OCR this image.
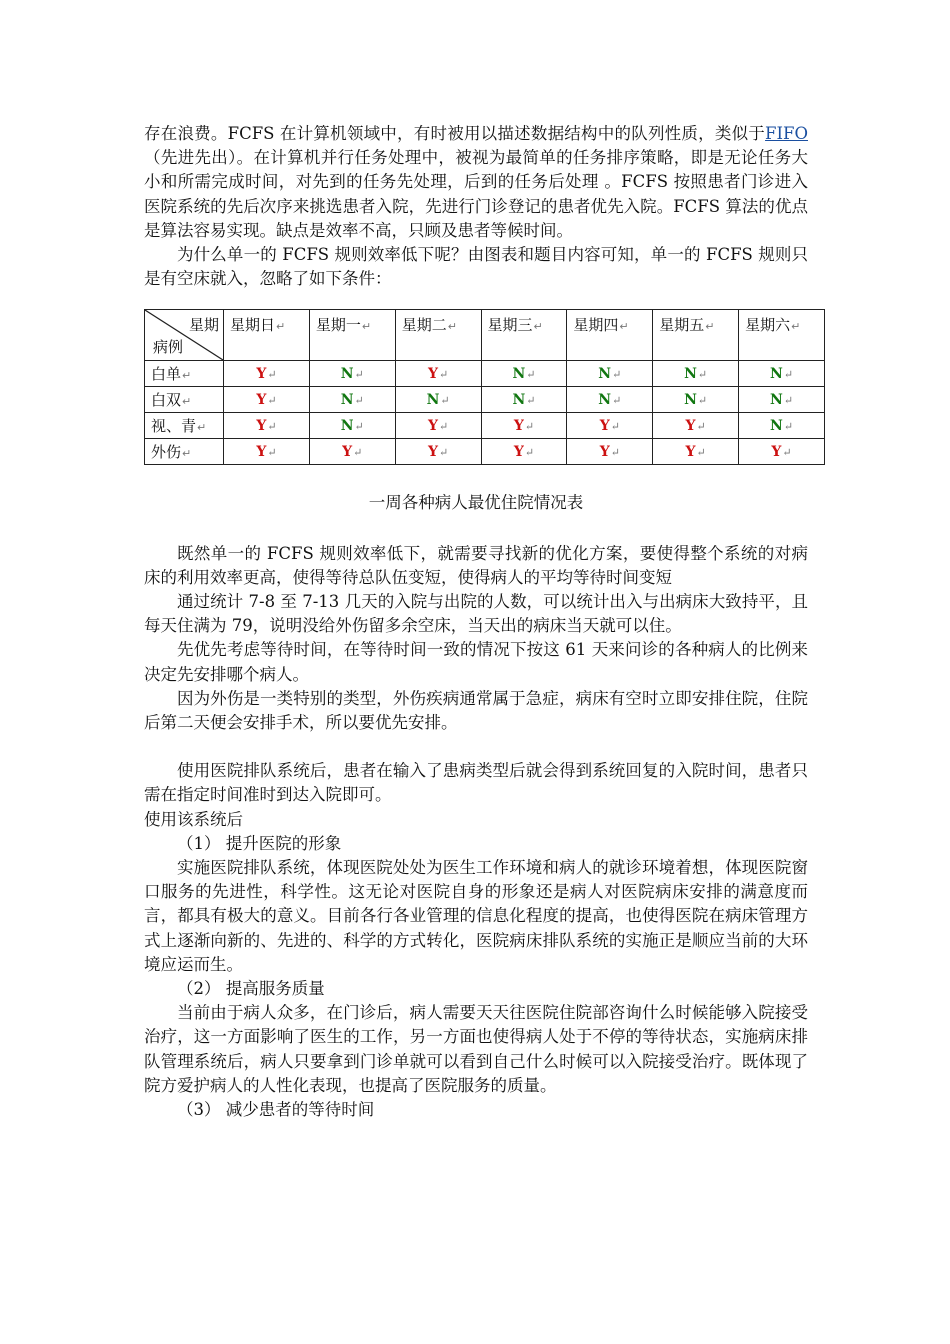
存在浪费。FCFS 在计算机领域中，有时被用以描述数据结构中的队列性质，类似于FIFO（先进先出）。在计算机并行任务处理中，被视为最简单的任务排序策略，即是无论任务大小和所需完成时间，对先到的任务先处理，后到的任务后处理 。FCFS 按照患者门诊进入医院系统的先后次序来挑选患者入院，先进行门诊登记的患者优先入院。FCFS 算法的优点是算法容易实现。缺点是效率不高，只顾及患者等候时间。

为什么单一的 FCFS 规则效率低下呢？由图表和题目内容可知，单一的 FCFS 规则只是有空床就入，忽略了如下条件：

星期
病例	星期日↵	星期一↵	星期二↵	星期三↵	星期四↵	星期五↵	星期六↵
白单↵	Y↵	N↵	Y↵	N↵	N↵	N↵	N↵
白双↵	Y↵	N↵	N↵	N↵	N↵	N↵	N↵
视、青↵	Y↵	N↵	Y↵	Y↵	Y↵	Y↵	N↵
外伤↵	Y↵	Y↵	Y↵	Y↵	Y↵	Y↵	Y↵

一周各种病人最优住院情况表

既然单一的 FCFS 规则效率低下，就需要寻找新的优化方案，要使得整个系统的对病床的利用效率更高，使得等待总队伍变短，使得病人的平均等待时间变短

通过统计 7-8 至 7-13 几天的入院与出院的人数，可以统计出入与出病床大致持平，且每天住满为 79，说明没给外伤留多余空床，当天出的病床当天就可以住。

先优先考虑等待时间，在等待时间一致的情况下按这 61 天来问诊的各种病人的比例来决定先安排哪个病人。

因为外伤是一类特别的类型，外伤疾病通常属于急症，病床有空时立即安排住院，住院后第二天便会安排手术，所以要优先安排。

使用医院排队系统后，患者在输入了患病类型后就会得到系统回复的入院时间，患者只需在指定时间准时到达入院即可。

使用该系统后

（1） 提升医院的形象

实施医院排队系统，体现医院处处为医生工作环境和病人的就诊环境着想，体现医院窗口服务的先进性，科学性。这无论对医院自身的形象还是病人对医院病床安排的满意度而言，都具有极大的意义。目前各行各业管理的信息化程度的提高，也使得医院在病床管理方式上逐渐向新的、先进的、科学的方式转化，医院病床排队系统的实施正是顺应当前的大环境应运而生。

（2） 提高服务质量

当前由于病人众多，在门诊后，病人需要天天往医院住院部咨询什么时候能够入院接受治疗，这一方面影响了医生的工作，另一方面也使得病人处于不停的等待状态，实施病床排队管理系统后，病人只要拿到门诊单就可以看到自己什么时候可以入院接受治疗。既体现了院方爱护病人的人性化表现，也提高了医院服务的质量。

（3） 减少患者的等待时间
